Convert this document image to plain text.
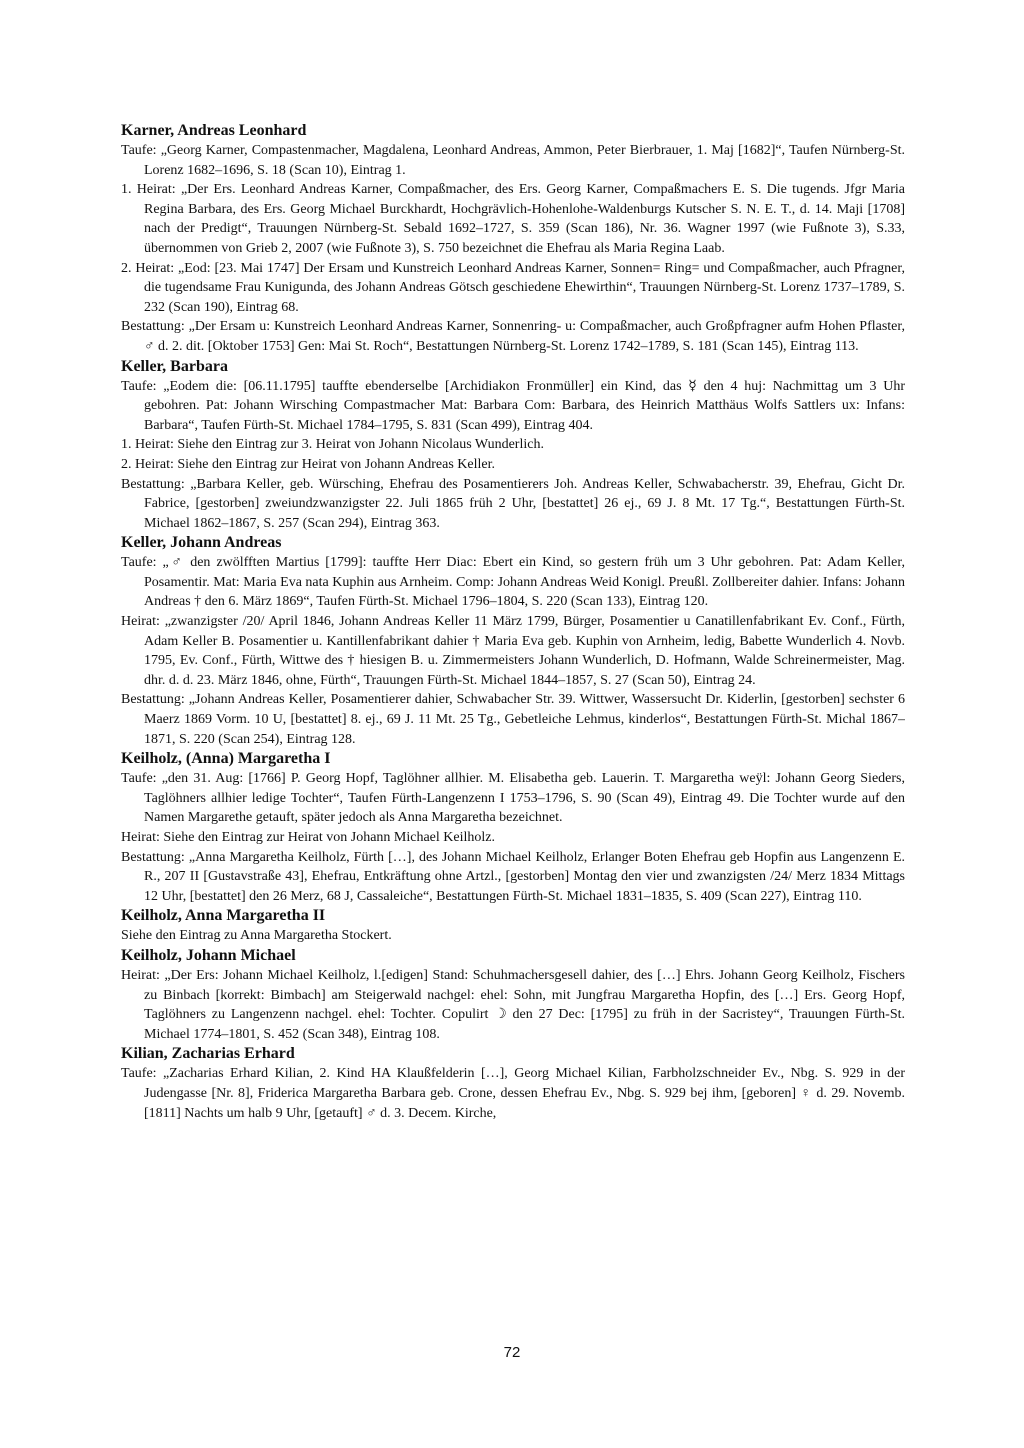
Karner, Andreas Leonhard

Taufe: „Georg Karner, Compastenmacher, Magdalena, Leonhard Andreas, Ammon, Peter Bierbrauer, 1. Maj [1682]“, Taufen Nürnberg-St. Lorenz 1682–1696, S. 18 (Scan 10), Eintrag 1.

1. Heirat: „Der Ers. Leonhard Andreas Karner, Compaßmacher, des Ers. Georg Karner, Compaßmachers E. S. Die tugends. Jfgr Maria Regina Barbara, des Ers. Georg Michael Burckhardt, Hochgrävlich-Hohenlohe-Waldenburgs Kutscher S. N. E. T., d. 14. Maji [1708] nach der Predigt“, Trauungen Nürnberg-St. Sebald 1692–1727, S. 359 (Scan 186), Nr. 36. Wagner 1997 (wie Fußnote 3), S.33, übernommen von Grieb 2, 2007 (wie Fußnote 3), S. 750 bezeichnet die Ehefrau als Maria Regina Laab.

2. Heirat: „Eod: [23. Mai 1747] Der Ersam und Kunstreich Leonhard Andreas Karner, Sonnen= Ring= und Compaßmacher, auch Pfragner, die tugendsame Frau Kunigunda, des Johann Andreas Götsch geschiedene Ehewirthin“, Trauungen Nürnberg-St. Lorenz 1737–1789, S. 232 (Scan 190), Eintrag 68.

Bestattung: „Der Ersam u: Kunstreich Leonhard Andreas Karner, Sonnenring- u: Compaßmacher, auch Großpfragner aufm Hohen Pflaster, ♂ d. 2. dit. [Oktober 1753] Gen: Mai St. Roch“, Bestattungen Nürnberg-St. Lorenz 1742–1789, S. 181 (Scan 145), Eintrag 113.

Keller, Barbara

Taufe: „Eodem die: [06.11.1795] tauffte ebenderselbe [Archidiakon Fronmüller] ein Kind, das ☿ den 4 huj: Nachmittag um 3 Uhr gebohren. Pat: Johann Wirsching Compastmacher Mat: Barbara Com: Barbara, des Heinrich Matthäus Wolfs Sattlers ux: Infans: Barbara“, Taufen Fürth-St. Michael 1784–1795, S. 831 (Scan 499), Eintrag 404.

1. Heirat: Siehe den Eintrag zur 3. Heirat von Johann Nicolaus Wunderlich.

2. Heirat: Siehe den Eintrag zur Heirat von Johann Andreas Keller.

Bestattung: „Barbara Keller, geb. Würsching, Ehefrau des Posamentierers Joh. Andreas Keller, Schwabacherstr. 39, Ehefrau, Gicht Dr. Fabrice, [gestorben] zweiundzwanzigster 22. Juli 1865 früh 2 Uhr, [bestattet] 26 ej., 69 J. 8 Mt. 17 Tg.“, Bestattungen Fürth-St. Michael 1862–1867, S. 257 (Scan 294), Eintrag 363.

Keller, Johann Andreas

Taufe: „♂ den zwölfften Martius [1799]: tauffte Herr Diac: Ebert ein Kind, so gestern früh um 3 Uhr gebohren. Pat: Adam Keller, Posamentir. Mat: Maria Eva nata Kuphin aus Arnheim. Comp: Johann Andreas Weid Konigl. Preußl. Zollbereiter dahier. Infans: Johann Andreas † den 6. März 1869“, Taufen Fürth-St. Michael 1796–1804, S. 220 (Scan 133), Eintrag 120.

Heirat: „zwanzigster /20/ April 1846, Johann Andreas Keller 11 März 1799, Bürger, Posamentier u Canatillenfabrikant Ev. Conf., Fürth, Adam Keller B. Posamentier u. Kantillenfabrikant dahier † Maria Eva geb. Kuphin von Arnheim, ledig, Babette Wunderlich 4. Novb. 1795, Ev. Conf., Fürth, Wittwe des † hiesigen B. u. Zimmermeisters Johann Wunderlich, D. Hofmann, Walde Schreinermeister, Mag. dhr. d. d. 23. März 1846, ohne, Fürth“, Trauungen Fürth-St. Michael 1844–1857, S. 27 (Scan 50), Eintrag 24.

Bestattung: „Johann Andreas Keller, Posamentierer dahier, Schwabacher Str. 39. Wittwer, Wassersucht Dr. Kiderlin, [gestorben] sechster 6 Maerz 1869 Vorm. 10 U, [bestattet] 8. ej., 69 J. 11 Mt. 25 Tg., Gebetleiche Lehmus, kinderlos“, Bestattungen Fürth-St. Michal 1867–1871, S. 220 (Scan 254), Eintrag 128.

Keilholz, (Anna) Margaretha I

Taufe: „den 31. Aug: [1766] P. Georg Hopf, Taglöhner allhier. M. Elisabetha geb. Lauerin. T. Margaretha weÿl: Johann Georg Sieders, Taglöhners allhier ledige Tochter“, Taufen Fürth-Langenzenn I 1753–1796, S. 90 (Scan 49), Eintrag 49. Die Tochter wurde auf den Namen Margarethe getauft, später jedoch als Anna Margaretha bezeichnet.

Heirat: Siehe den Eintrag zur Heirat von Johann Michael Keilholz.

Bestattung: „Anna Margaretha Keilholz, Fürth […], des Johann Michael Keilholz, Erlanger Boten Ehefrau geb Hopfin aus Langenzenn E. R., 207 II [Gustavstraße 43], Ehefrau, Entkräftung ohne Artzl., [gestorben] Montag den vier und zwanzigsten /24/ Merz 1834 Mittags 12 Uhr, [bestattet] den 26 Merz, 68 J, Cassaleiche“, Bestattungen Fürth-St. Michael 1831–1835, S. 409 (Scan 227), Eintrag 110.

Keilholz, Anna Margaretha II

Siehe den Eintrag zu Anna Margaretha Stockert.

Keilholz, Johann Michael

Heirat: „Der Ers: Johann Michael Keilholz, l.[edigen] Stand: Schuhmachersgesell dahier, des […] Ehrs. Johann Georg Keilholz, Fischers zu Binbach [korrekt: Bimbach] am Steigerwald nachgel: ehel: Sohn, mit Jungfrau Margaretha Hopfin, des […] Ers. Georg Hopf, Taglöhners zu Langenzenn nachgel. ehel: Tochter. Copulirt ☽ den 27 Dec: [1795] zu früh in der Sacristey“, Trauungen Fürth-St. Michael 1774–1801, S. 452 (Scan 348), Eintrag 108.

Kilian, Zacharias Erhard

Taufe: „Zacharias Erhard Kilian, 2. Kind HA Klaußfelderin […], Georg Michael Kilian, Farbholzschneider Ev., Nbg. S. 929 in der Judengasse [Nr. 8], Friderica Margaretha Barbara geb. Crone, dessen Ehefrau Ev., Nbg. S. 929 bej ihm, [geboren] ♀ d. 29. Novemb. [1811] Nachts um halb 9 Uhr, [getauft] ♂ d. 3. Decem. Kirche,

72
